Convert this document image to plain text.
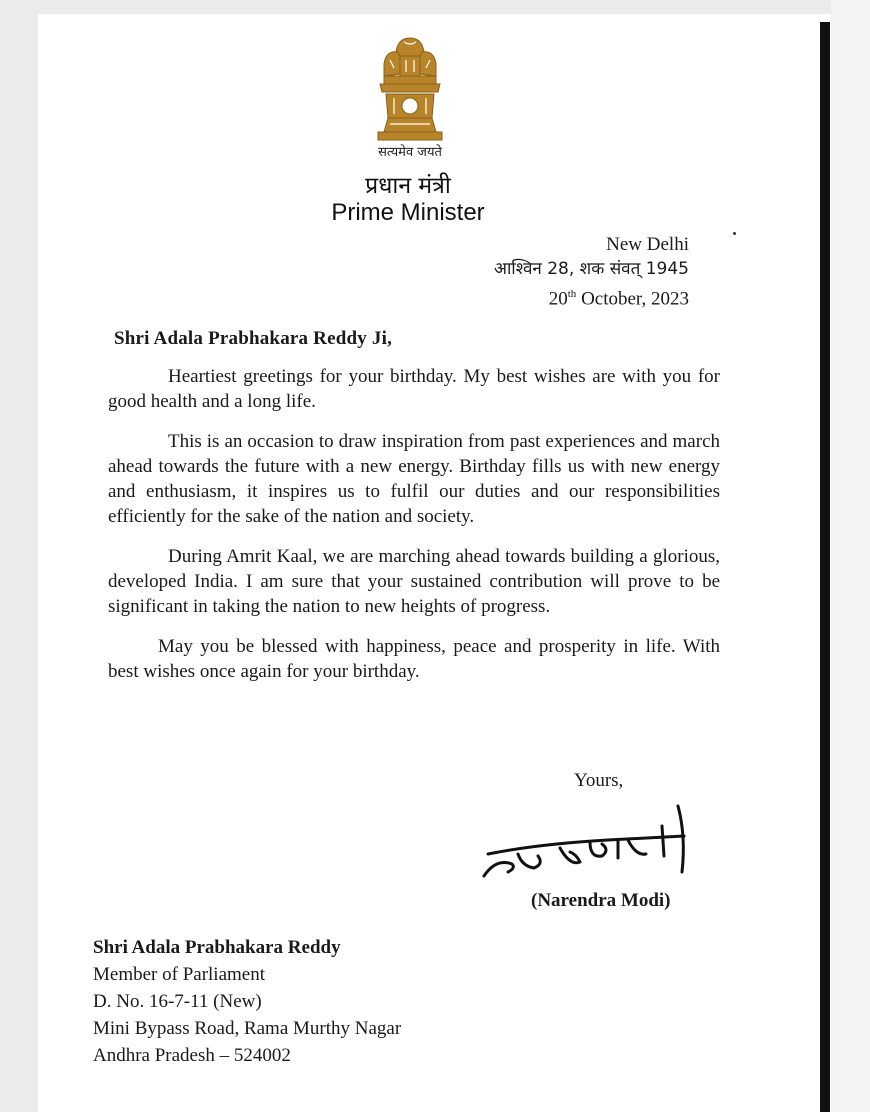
सत्यमेव जयते
प्रधान मंत्री
Prime Minister
New Delhi
आश्विन 28, शक संवत् 1945
20th October, 2023
Shri Adala Prabhakara Reddy Ji,

Heartiest greetings for your birthday. My best wishes are with you for good health and a long life.

This is an occasion to draw inspiration from past experiences and march ahead towards the future with a new energy. Birthday fills us with new energy and enthusiasm, it inspires us to fulfil our duties and our responsibilities efficiently for the sake of the nation and society.

During Amrit Kaal, we are marching ahead towards building a glorious, developed India. I am sure that your sustained contribution will prove to be significant in taking the nation to new heights of progress.

May you be blessed with happiness, peace and prosperity in life. With best wishes once again for your birthday.

Yours,
(Narendra Modi)
Shri Adala Prabhakara Reddy
Member of Parliament
D. No. 16-7-11 (New)
Mini Bypass Road, Rama Murthy Nagar
Andhra Pradesh – 524002
